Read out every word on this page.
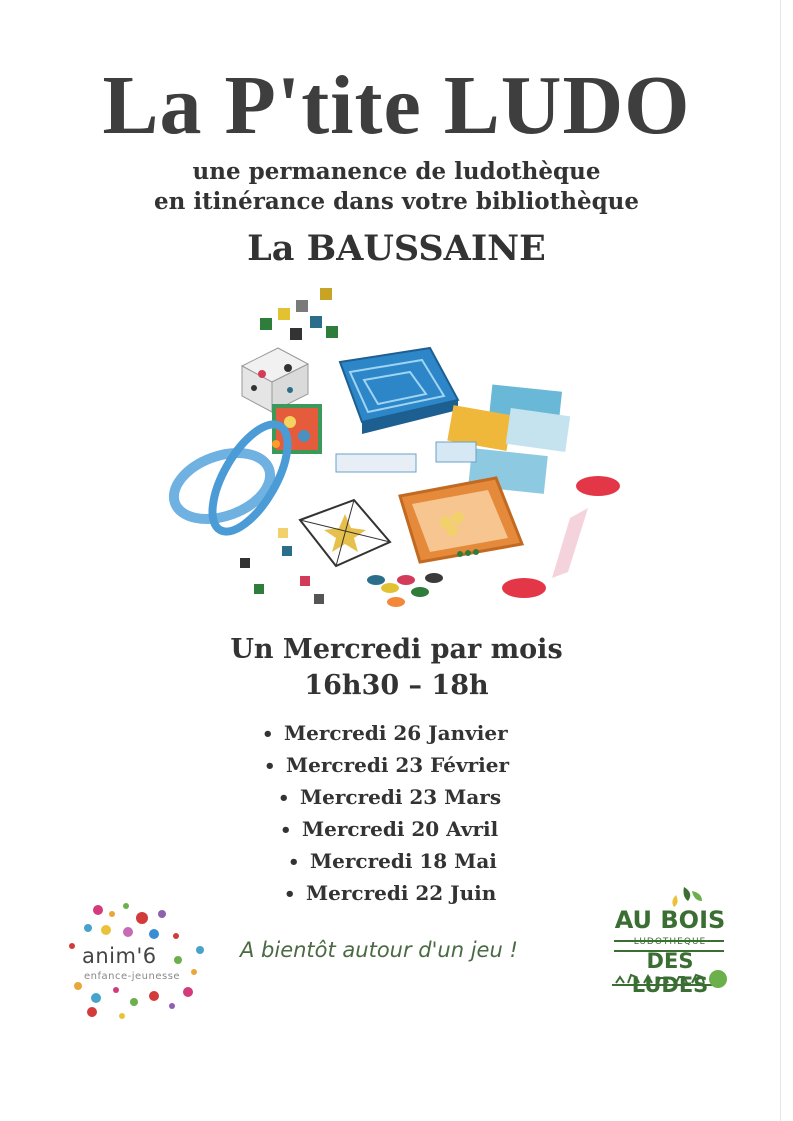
La P'tite LUDO
une permanence de ludothèque
en itinérance dans votre bibliothèque
La BAUSSAINE
Un Mercredi par mois
16h30 – 18h
• Mercredi 26 Janvier
• Mercredi 23 Février
• Mercredi 23 Mars
• Mercredi 20 Avril
• Mercredi 18 Mai
• Mercredi 22 Juin
anim'6
enfance-jeunesse
A bientôt autour d'un jeu !
AU BOIS
LUDOTHEQUE
DES LUDES
